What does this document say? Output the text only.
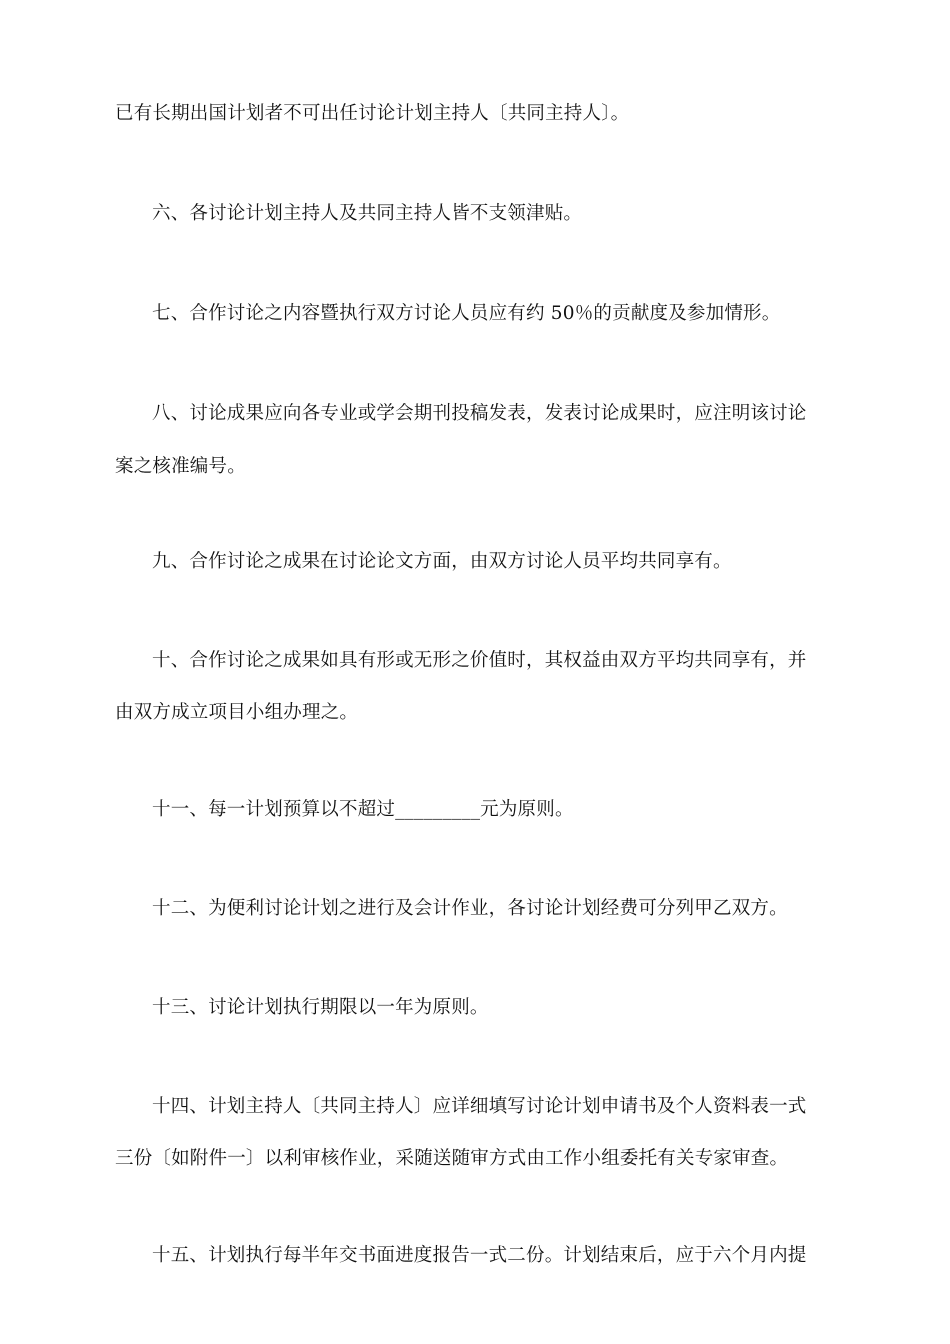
已有长期出国计划者不可出任讨论计划主持人〔共同主持人〕。
六、各讨论计划主持人及共同主持人皆不支领津贴。
七、合作讨论之内容暨执行双方讨论人员应有约 50％的贡献度及参加情形。
八、讨论成果应向各专业或学会期刊投稿发表，发表讨论成果时，应注明该讨论
案之核准编号。
九、合作讨论之成果在讨论论文方面，由双方讨论人员平均共同享有。
十、合作讨论之成果如具有形或无形之价值时，其权益由双方平均共同享有，并
由双方成立项目小组办理之。
十一、每一计划预算以不超过_________元为原则。
十二、为便利讨论计划之进行及会计作业，各讨论计划经费可分列甲乙双方。
十三、讨论计划执行期限以一年为原则。
十四、计划主持人〔共同主持人〕应详细填写讨论计划申请书及个人资料表一式
三份〔如附件一〕以利审核作业，采随送随审方式由工作小组委托有关专家审查。
十五、计划执行每半年交书面进度报告一式二份。计划结束后，应于六个月内提
